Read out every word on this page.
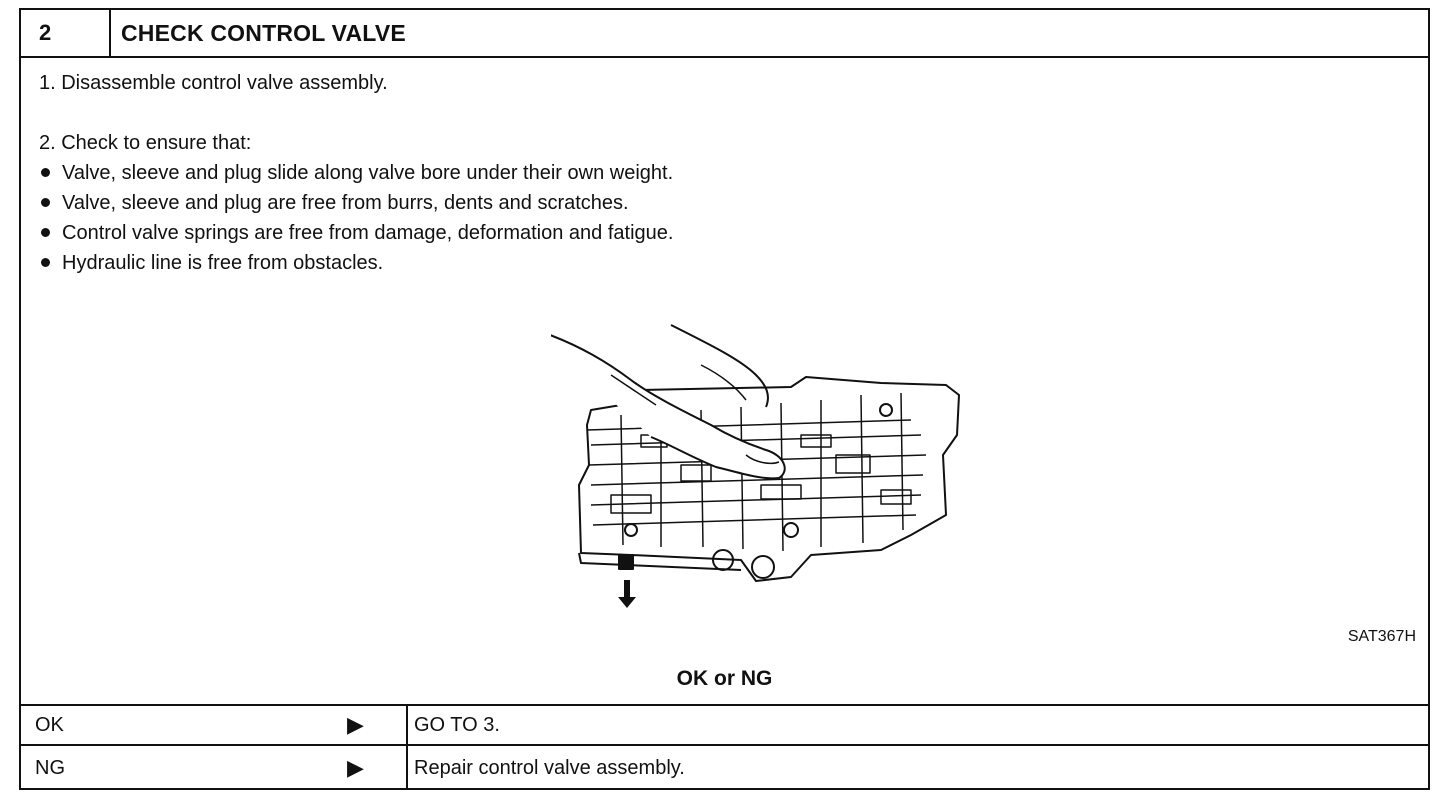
2	CHECK CONTROL VALVE
1. Disassemble control valve assembly.
2. Check to ensure that:
Valve, sleeve and plug slide along valve bore under their own weight.
Valve, sleeve and plug are free from burrs, dents and scratches.
Control valve springs are free from damage, deformation and fatigue.
Hydraulic line is free from obstacles.
SAT367H
OK or NG
OK	▶	GO TO 3.
NG	▶	Repair control valve assembly.
